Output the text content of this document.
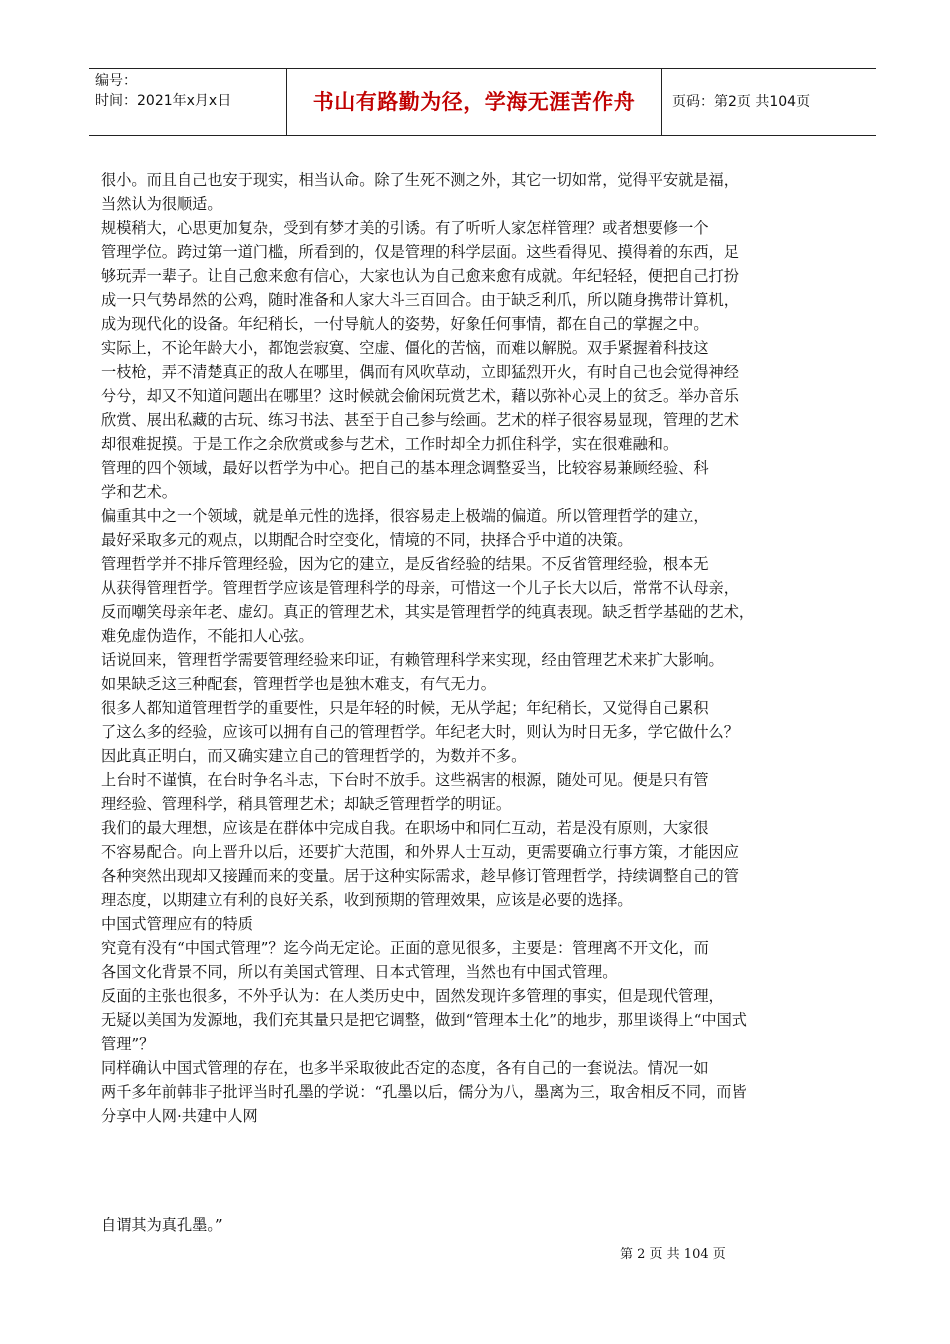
编号：
时间：2021年x月x日	书山有路勤为径，学海无涯苦作舟	页码：第2页 共104页
很小。而且自己也安于现实，相当认命。除了生死不测之外，其它一切如常，觉得平安就是福，
当然认为很顺适。
规模稍大，心思更加复杂，受到有梦才美的引诱。有了听听人家怎样管理？或者想要修一个
管理学位。跨过第一道门槛，所看到的，仅是管理的科学层面。这些看得见、摸得着的东西，足
够玩弄一辈子。让自己愈来愈有信心，大家也认为自己愈来愈有成就。年纪轻轻，便把自己打扮
成一只气势昂然的公鸡，随时准备和人家大斗三百回合。由于缺乏利爪，所以随身携带计算机，
成为现代化的设备。年纪稍长，一付导航人的姿势，好象任何事情，都在自己的掌握之中。
实际上，不论年龄大小，都饱尝寂寞、空虚、僵化的苦恼，而难以解脱。双手紧握着科技这
一枝枪，弄不清楚真正的敌人在哪里，偶而有风吹草动，立即猛烈开火，有时自己也会觉得神经
兮兮，却又不知道问题出在哪里？这时候就会偷闲玩赏艺术，藉以弥补心灵上的贫乏。举办音乐
欣赏、展出私藏的古玩、练习书法、甚至于自己参与绘画。艺术的样子很容易显现，管理的艺术
却很难捉摸。于是工作之余欣赏或参与艺术，工作时却全力抓住科学，实在很难融和。
管理的四个领域，最好以哲学为中心。把自己的基本理念调整妥当，比较容易兼顾经验、科
学和艺术。
偏重其中之一个领域，就是单元性的选择，很容易走上极端的偏道。所以管理哲学的建立，
最好采取多元的观点，以期配合时空变化，情境的不同，抉择合乎中道的决策。
管理哲学并不排斥管理经验，因为它的建立，是反省经验的结果。不反省管理经验，根本无
从获得管理哲学。管理哲学应该是管理科学的母亲，可惜这一个儿子长大以后，常常不认母亲，
反而嘲笑母亲年老、虚幻。真正的管理艺术，其实是管理哲学的纯真表现。缺乏哲学基础的艺术，
难免虚伪造作，不能扣人心弦。
话说回来，管理哲学需要管理经验来印证，有赖管理科学来实现，经由管理艺术来扩大影响。
如果缺乏这三种配套，管理哲学也是独木难支，有气无力。
很多人都知道管理哲学的重要性，只是年轻的时候，无从学起；年纪稍长，又觉得自己累积
了这么多的经验，应该可以拥有自己的管理哲学。年纪老大时，则认为时日无多，学它做什么？
因此真正明白，而又确实建立自己的管理哲学的，为数并不多。
上台时不谨慎，在台时争名斗志，下台时不放手。这些祸害的根源，随处可见。便是只有管
理经验、管理科学，稍具管理艺术；却缺乏管理哲学的明证。
我们的最大理想，应该是在群体中完成自我。在职场中和同仁互动，若是没有原则，大家很
不容易配合。向上晋升以后，还要扩大范围，和外界人士互动，更需要确立行事方策，才能因应
各种突然出现却又接踵而来的变量。居于这种实际需求，趁早修订管理哲学，持续调整自己的管
理态度，以期建立有利的良好关系，收到预期的管理效果，应该是必要的选择。
中国式管理应有的特质
究竟有没有“中国式管理”？迄今尚无定论。正面的意见很多，主要是：管理离不开文化，而
各国文化背景不同，所以有美国式管理、日本式管理，当然也有中国式管理。
反面的主张也很多，不外乎认为：在人类历史中，固然发现许多管理的事实，但是现代管理，
无疑以美国为发源地，我们充其量只是把它调整，做到“管理本土化”的地步，那里谈得上“中国式
管理”？
同样确认中国式管理的存在，也多半采取彼此否定的态度，各有自己的一套说法。情况一如
两千多年前韩非子批评当时孔墨的学说：“孔墨以后，儒分为八，墨离为三，取舍相反不同，而皆
分享中人网·共建中人网
自谓其为真孔墨。”
第 2 页 共 104 页
